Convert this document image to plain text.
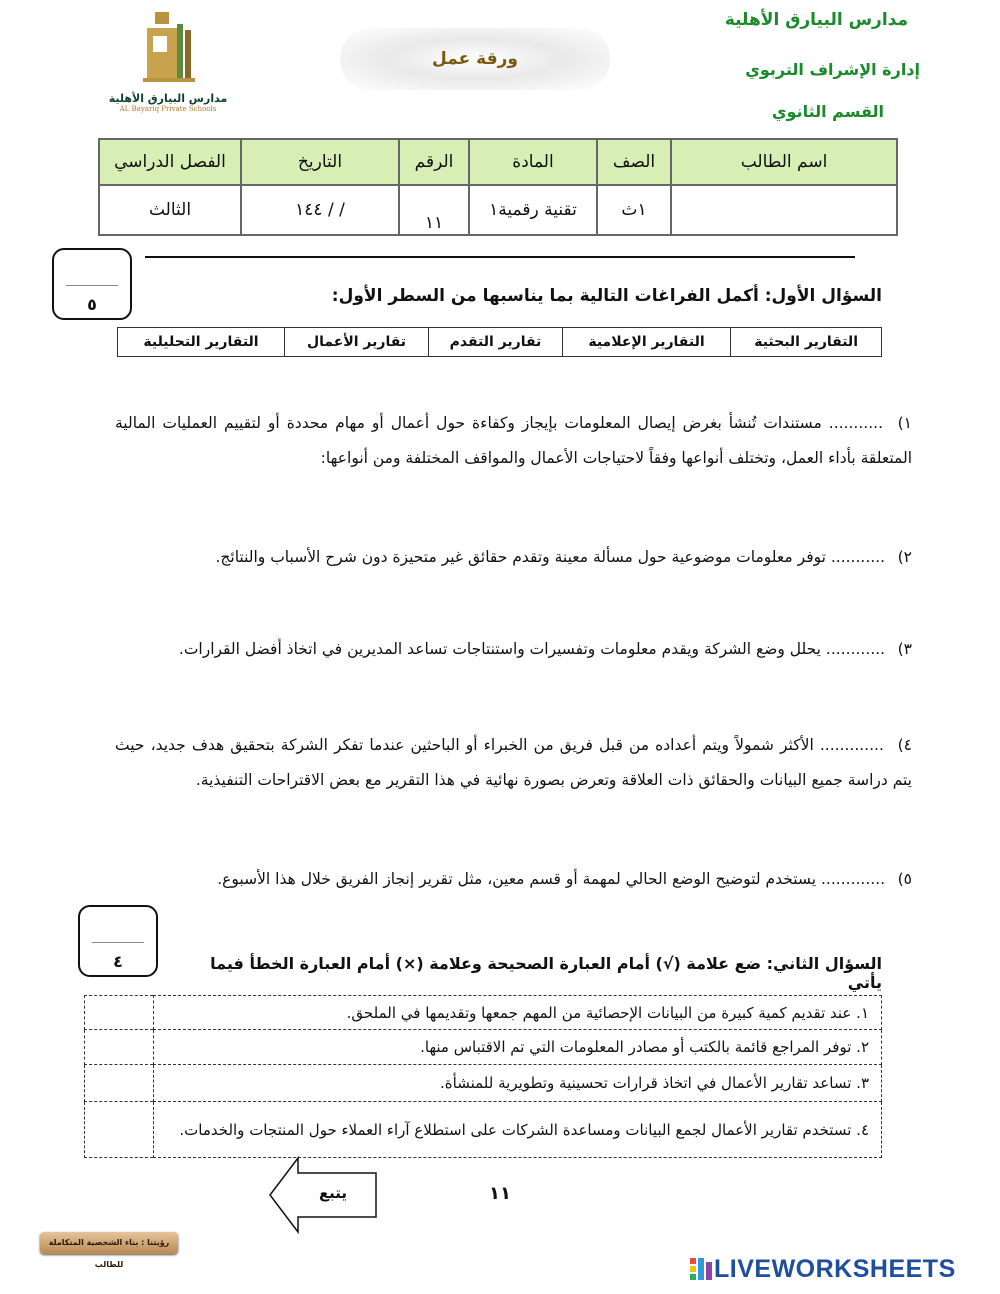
مدارس البيارق الأهلية
إدارة الإشراف التربوي
القسم الثانوي
مدارس البيارق الأهلية
AL Bayariq Private Schools
ورقة عمل
اسم الطالب	الصف	المادة	الرقم	التاريخ	الفصل الدراسي
	١ث	تقنية رقمية١	١١	/ / ١٤٤	الثالث
٥	السؤال الأول: أكمل الفراغات التالية بما يناسبها من السطر الأول:
التقارير البحثية	التقارير الإعلامية	تقارير التقدم	تقارير الأعمال	التقارير التحليلية
١) ........... مستندات تُنشأ بغرض إيصال المعلومات بإيجاز وكفاءة حول أعمال أو مهام محددة أو لتقييم العمليات المالية المتعلقة بأداء العمل، وتختلف أنواعها وفقاً لاحتياجات الأعمال والمواقف المختلفة ومن أنواعها:
٢) ........... توفر معلومات موضوعية حول مسألة معينة وتقدم حقائق غير متحيزة دون شرح الأسباب والنتائج.
٣) ............ يحلل وضع الشركة ويقدم معلومات وتفسيرات واستنتاجات تساعد المديرين في اتخاذ أفضل القرارات.
٤) ............. الأكثر شمولاً ويتم أعداده من قبل فريق من الخبراء أو الباحثين عندما تفكر الشركة بتحقيق هدف جديد، حيث يتم دراسة جميع البيانات والحقائق ذات العلاقة وتعرض بصورة نهائية في هذا التقرير مع بعض الاقتراحات التنفيذية.
٥) ............. يستخدم لتوضيح الوضع الحالي لمهمة أو قسم معين، مثل تقرير إنجاز الفريق خلال هذا الأسبوع.
٤	السؤال الثاني: ضع علامة (√) أمام العبارة الصحيحة وعلامة (×) أمام العبارة الخطأ فيما يأتي
١. عند تقديم كمية كبيرة من البيانات الإحصائية من المهم جمعها وتقديمها في الملحق.	
٢. توفر المراجع قائمة بالكتب أو مصادر المعلومات التي تم الاقتباس منها.	
٣. تساعد تقارير الأعمال في اتخاذ قرارات تحسينية وتطويرية للمنشأة.	
٤. تستخدم تقارير الأعمال لجمع البيانات ومساعدة الشركات على استطلاع آراء العملاء حول المنتجات والخدمات.	
١١
يتبع
رؤيتنا : بناء الشخصية المتكاملة للطالب	LIVEWORKSHEETS
